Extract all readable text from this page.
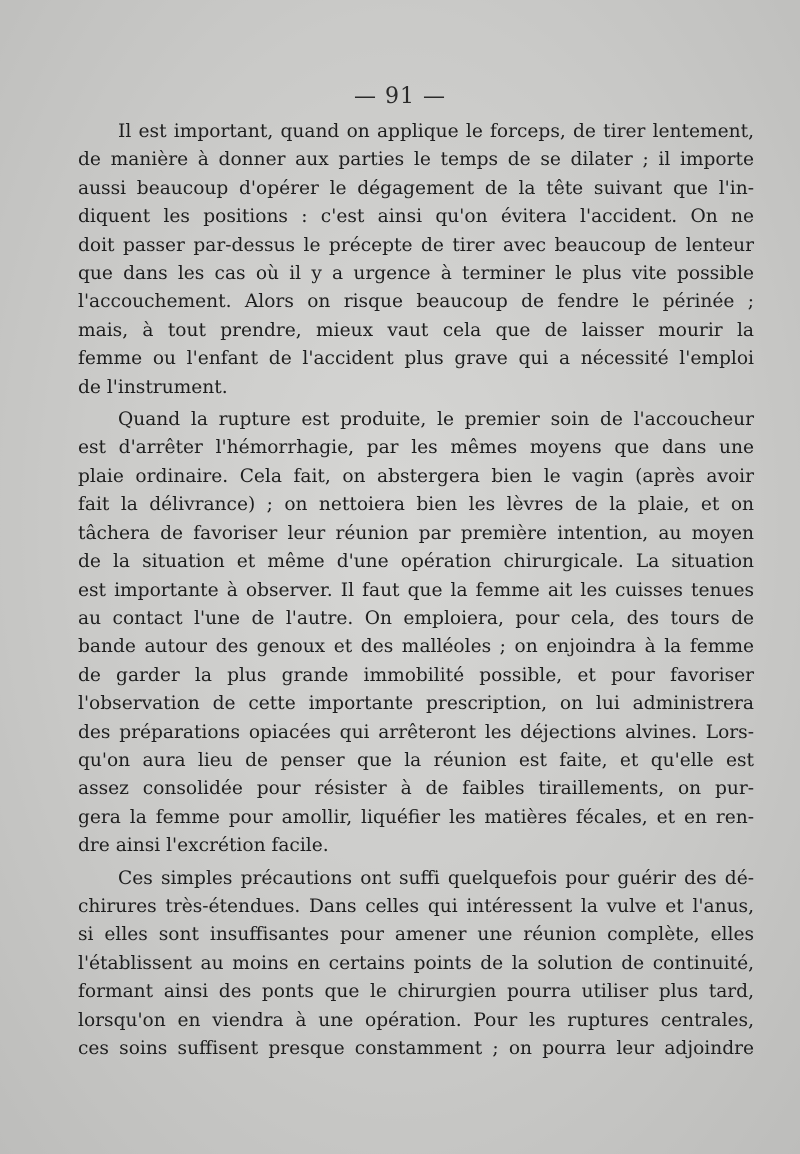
— 91 —
Il est important, quand on applique le forceps, de tirer lentement,
de manière à donner aux parties le temps de se dilater ; il importe
aussi beaucoup d'opérer le dégagement de la tête suivant que l'in-
diquent les positions : c'est ainsi qu'on évitera l'accident. On ne
doit passer par-dessus le précepte de tirer avec beaucoup de lenteur
que dans les cas où il y a urgence à terminer le plus vite possible
l'accouchement. Alors on risque beaucoup de fendre le périnée ;
mais, à tout prendre, mieux vaut cela que de laisser mourir la
femme ou l'enfant de l'accident plus grave qui a nécessité l'emploi
de l'instrument.
Quand la rupture est produite, le premier soin de l'accoucheur
est d'arrêter l'hémorrhagie, par les mêmes moyens que dans une
plaie ordinaire. Cela fait, on abstergera bien le vagin (après avoir
fait la délivrance) ; on nettoiera bien les lèvres de la plaie, et on
tâchera de favoriser leur réunion par première intention, au moyen
de la situation et même d'une opération chirurgicale. La situation
est importante à observer. Il faut que la femme ait les cuisses tenues
au contact l'une de l'autre. On emploiera, pour cela, des tours de
bande autour des genoux et des malléoles ; on enjoindra à la femme
de garder la plus grande immobilité possible, et pour favoriser
l'observation de cette importante prescription, on lui administrera
des préparations opiacées qui arrêteront les déjections alvines. Lors-
qu'on aura lieu de penser que la réunion est faite, et qu'elle est
assez consolidée pour résister à de faibles tiraillements, on pur-
gera la femme pour amollir, liquéfier les matières fécales, et en ren-
dre ainsi l'excrétion facile.
Ces simples précautions ont suffi quelquefois pour guérir des dé-
chirures très-étendues. Dans celles qui intéressent la vulve et l'anus,
si elles sont insuffisantes pour amener une réunion complète, elles
l'établissent au moins en certains points de la solution de continuité,
formant ainsi des ponts que le chirurgien pourra utiliser plus tard,
lorsqu'on en viendra à une opération. Pour les ruptures centrales,
ces soins suffisent presque constamment ; on pourra leur adjoindre
